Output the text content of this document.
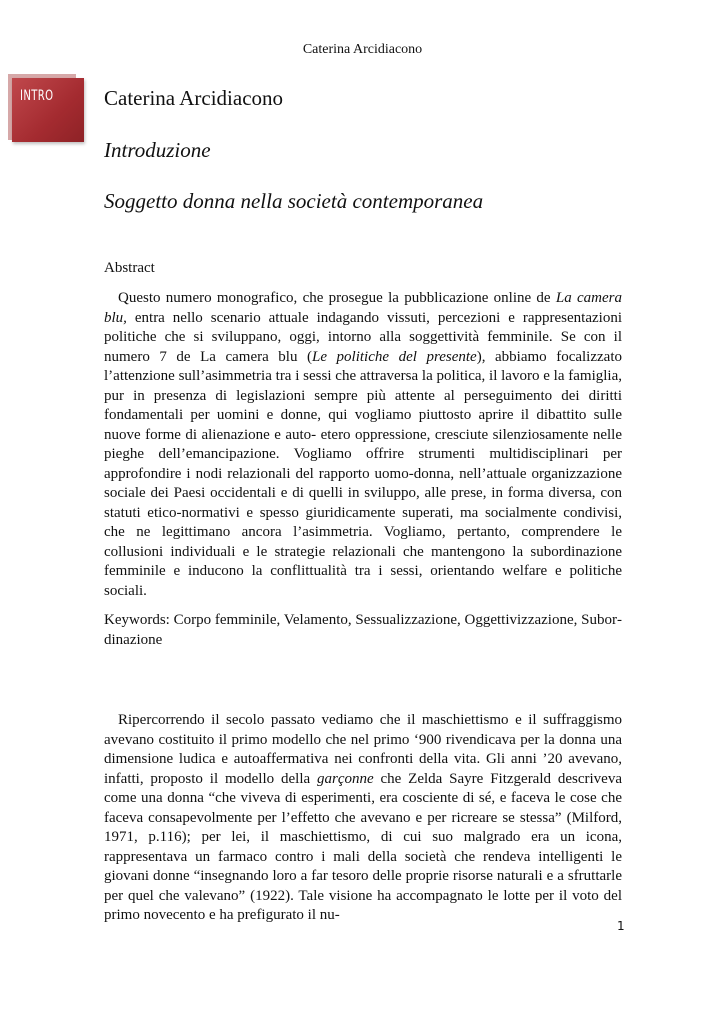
Caterina Arcidiacono
INTRO Caterina Arcidiacono
Introduzione
Soggetto donna nella società contemporanea
Abstract

Questo numero monografico, che prosegue la pubblicazione online de La camera blu, entra nello scenario attuale indagando vissuti, percezioni e rappresentazioni politiche che si sviluppano, oggi, intorno alla soggettività femminile. Se con il numero 7 de La camera blu (Le politiche del presente), abbiamo focalizzato l’attenzione sull’asimmetria tra i sessi che attraversa la politica, il lavoro e la famiglia, pur in presenza di legislazioni sempre più attente al perseguimento dei diritti fondamentali per uomini e donne, qui vogliamo piuttosto aprire il dibattito sulle nuove forme di alienazione e auto- etero oppressione, cresciute silenziosamente nelle pieghe dell’emancipazione. Vogliamo offrire strumenti multidisciplinari per approfondire i nodi relazionali del rapporto uomo-donna, nell’attuale organizzazione sociale dei Paesi occidentali e di quelli in sviluppo, alle prese, in forma diversa, con statuti etico-normativi e spesso giuridicamente superati, ma socialmente condivisi, che ne legittimano ancora l’asimmetria. Vogliamo, pertanto, comprendere le collusioni individuali e le strategie relazionali che mantengono la subordinazione femminile e inducono la conflittualità tra i sessi, orientando welfare e politiche sociali.

Keywords: Corpo femminile, Velamento, Sessualizzazione, Oggettivizzazione, Subordinazione

Ripercorrendo il secolo passato vediamo che il maschiettismo e il suffraggismo avevano costituito il primo modello che nel primo ‘900 rivendicava per la donna una dimensione ludica e autoaffermativa nei confronti della vita. Gli anni ’20 avevano, infatti, proposto il modello della garçonne che Zelda Sayre Fitzgerald descriveva come una donna “che viveva di esperimenti, era cosciente di sé, e faceva le cose che faceva consapevolmente per l’effetto che avevano e per ricreare se stessa” (Milford, 1971, p.116); per lei, il maschiettismo, di cui suo malgrado era un icona, rappresentava un farmaco contro i mali della società che rendeva intelligenti le giovani donne “insegnando loro a far tesoro delle proprie risorse naturali e a sfruttarle per quel che valevano” (1922). Tale visione ha accompagnato le lotte per il voto del primo novecento e ha prefigurato il nu-

1
